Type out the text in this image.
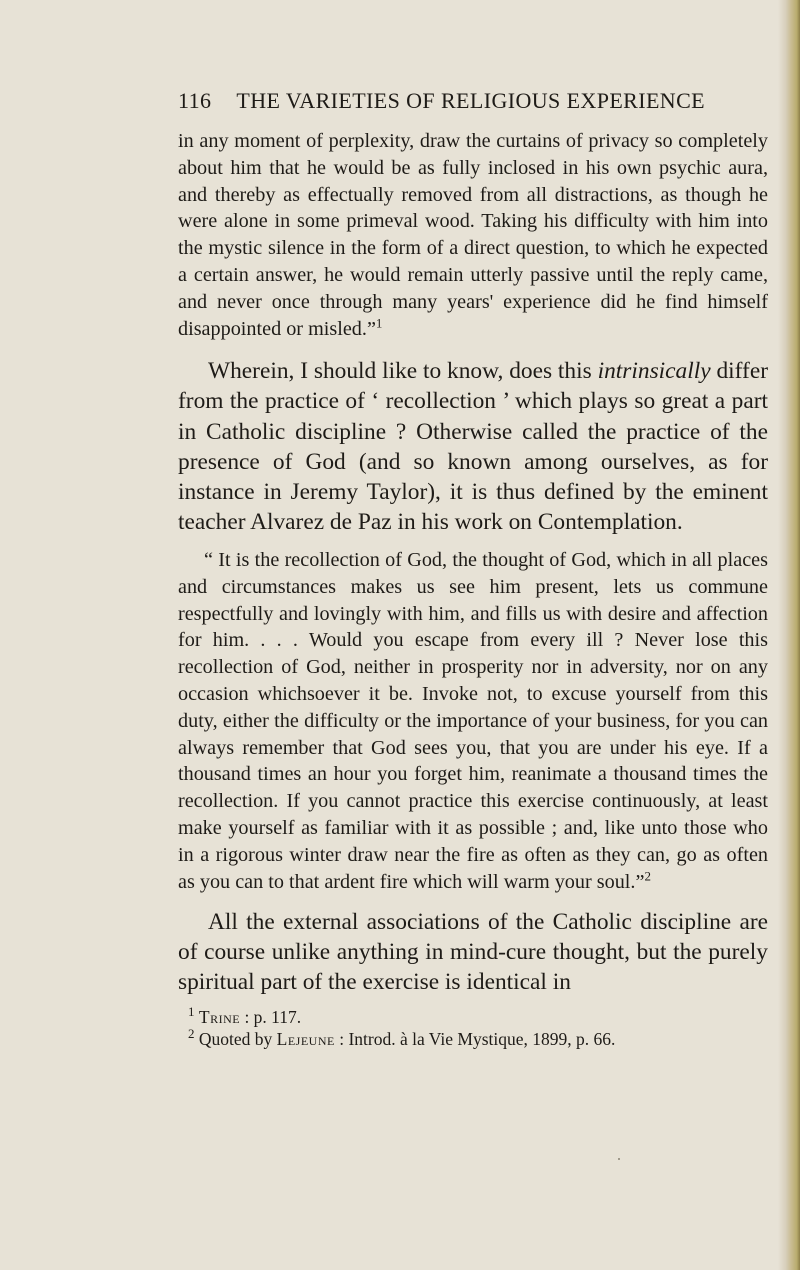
116	THE VARIETIES OF RELIGIOUS EXPERIENCE

in any moment of perplexity, draw the curtains of privacy so completely about him that he would be as fully inclosed in his own psychic aura, and thereby as effectually removed from all distractions, as though he were alone in some primeval wood. Taking his difficulty with him into the mystic silence in the form of a direct question, to which he expected a certain answer, he would remain utterly passive until the reply came, and never once through many years' experience did he find himself disappointed or misled.”$^1$

Wherein, I should like to know, does this intrinsically differ from the practice of ‘ recollection ’ which plays so great a part in Catholic discipline ? Otherwise called the practice of the presence of God (and so known among ourselves, as for instance in Jeremy Taylor), it is thus defined by the eminent teacher Alvarez de Paz in his work on Contemplation.

“ It is the recollection of God, the thought of God, which in all places and circumstances makes us see him present, lets us commune respectfully and lovingly with him, and fills us with desire and affection for him. . . . Would you escape from every ill ? Never lose this recollection of God, neither in prosperity nor in adversity, nor on any occasion whichsoever it be. Invoke not, to excuse yourself from this duty, either the difficulty or the importance of your business, for you can always remember that God sees you, that you are under his eye. If a thousand times an hour you forget him, reanimate a thousand times the recollection. If you cannot practice this exercise continuously, at least make yourself as familiar with it as possible ; and, like unto those who in a rigorous winter draw near the fire as often as they can, go as often as you can to that ardent fire which will warm your soul.”$^2$

All the external associations of the Catholic discipline are of course unlike anything in mind-cure thought, but the purely spiritual part of the exercise is identical in

$^1$ Trine : p. 117.
$^2$ Quoted by Lejeune : Introd. à la Vie Mystique, 1899, p. 66.
